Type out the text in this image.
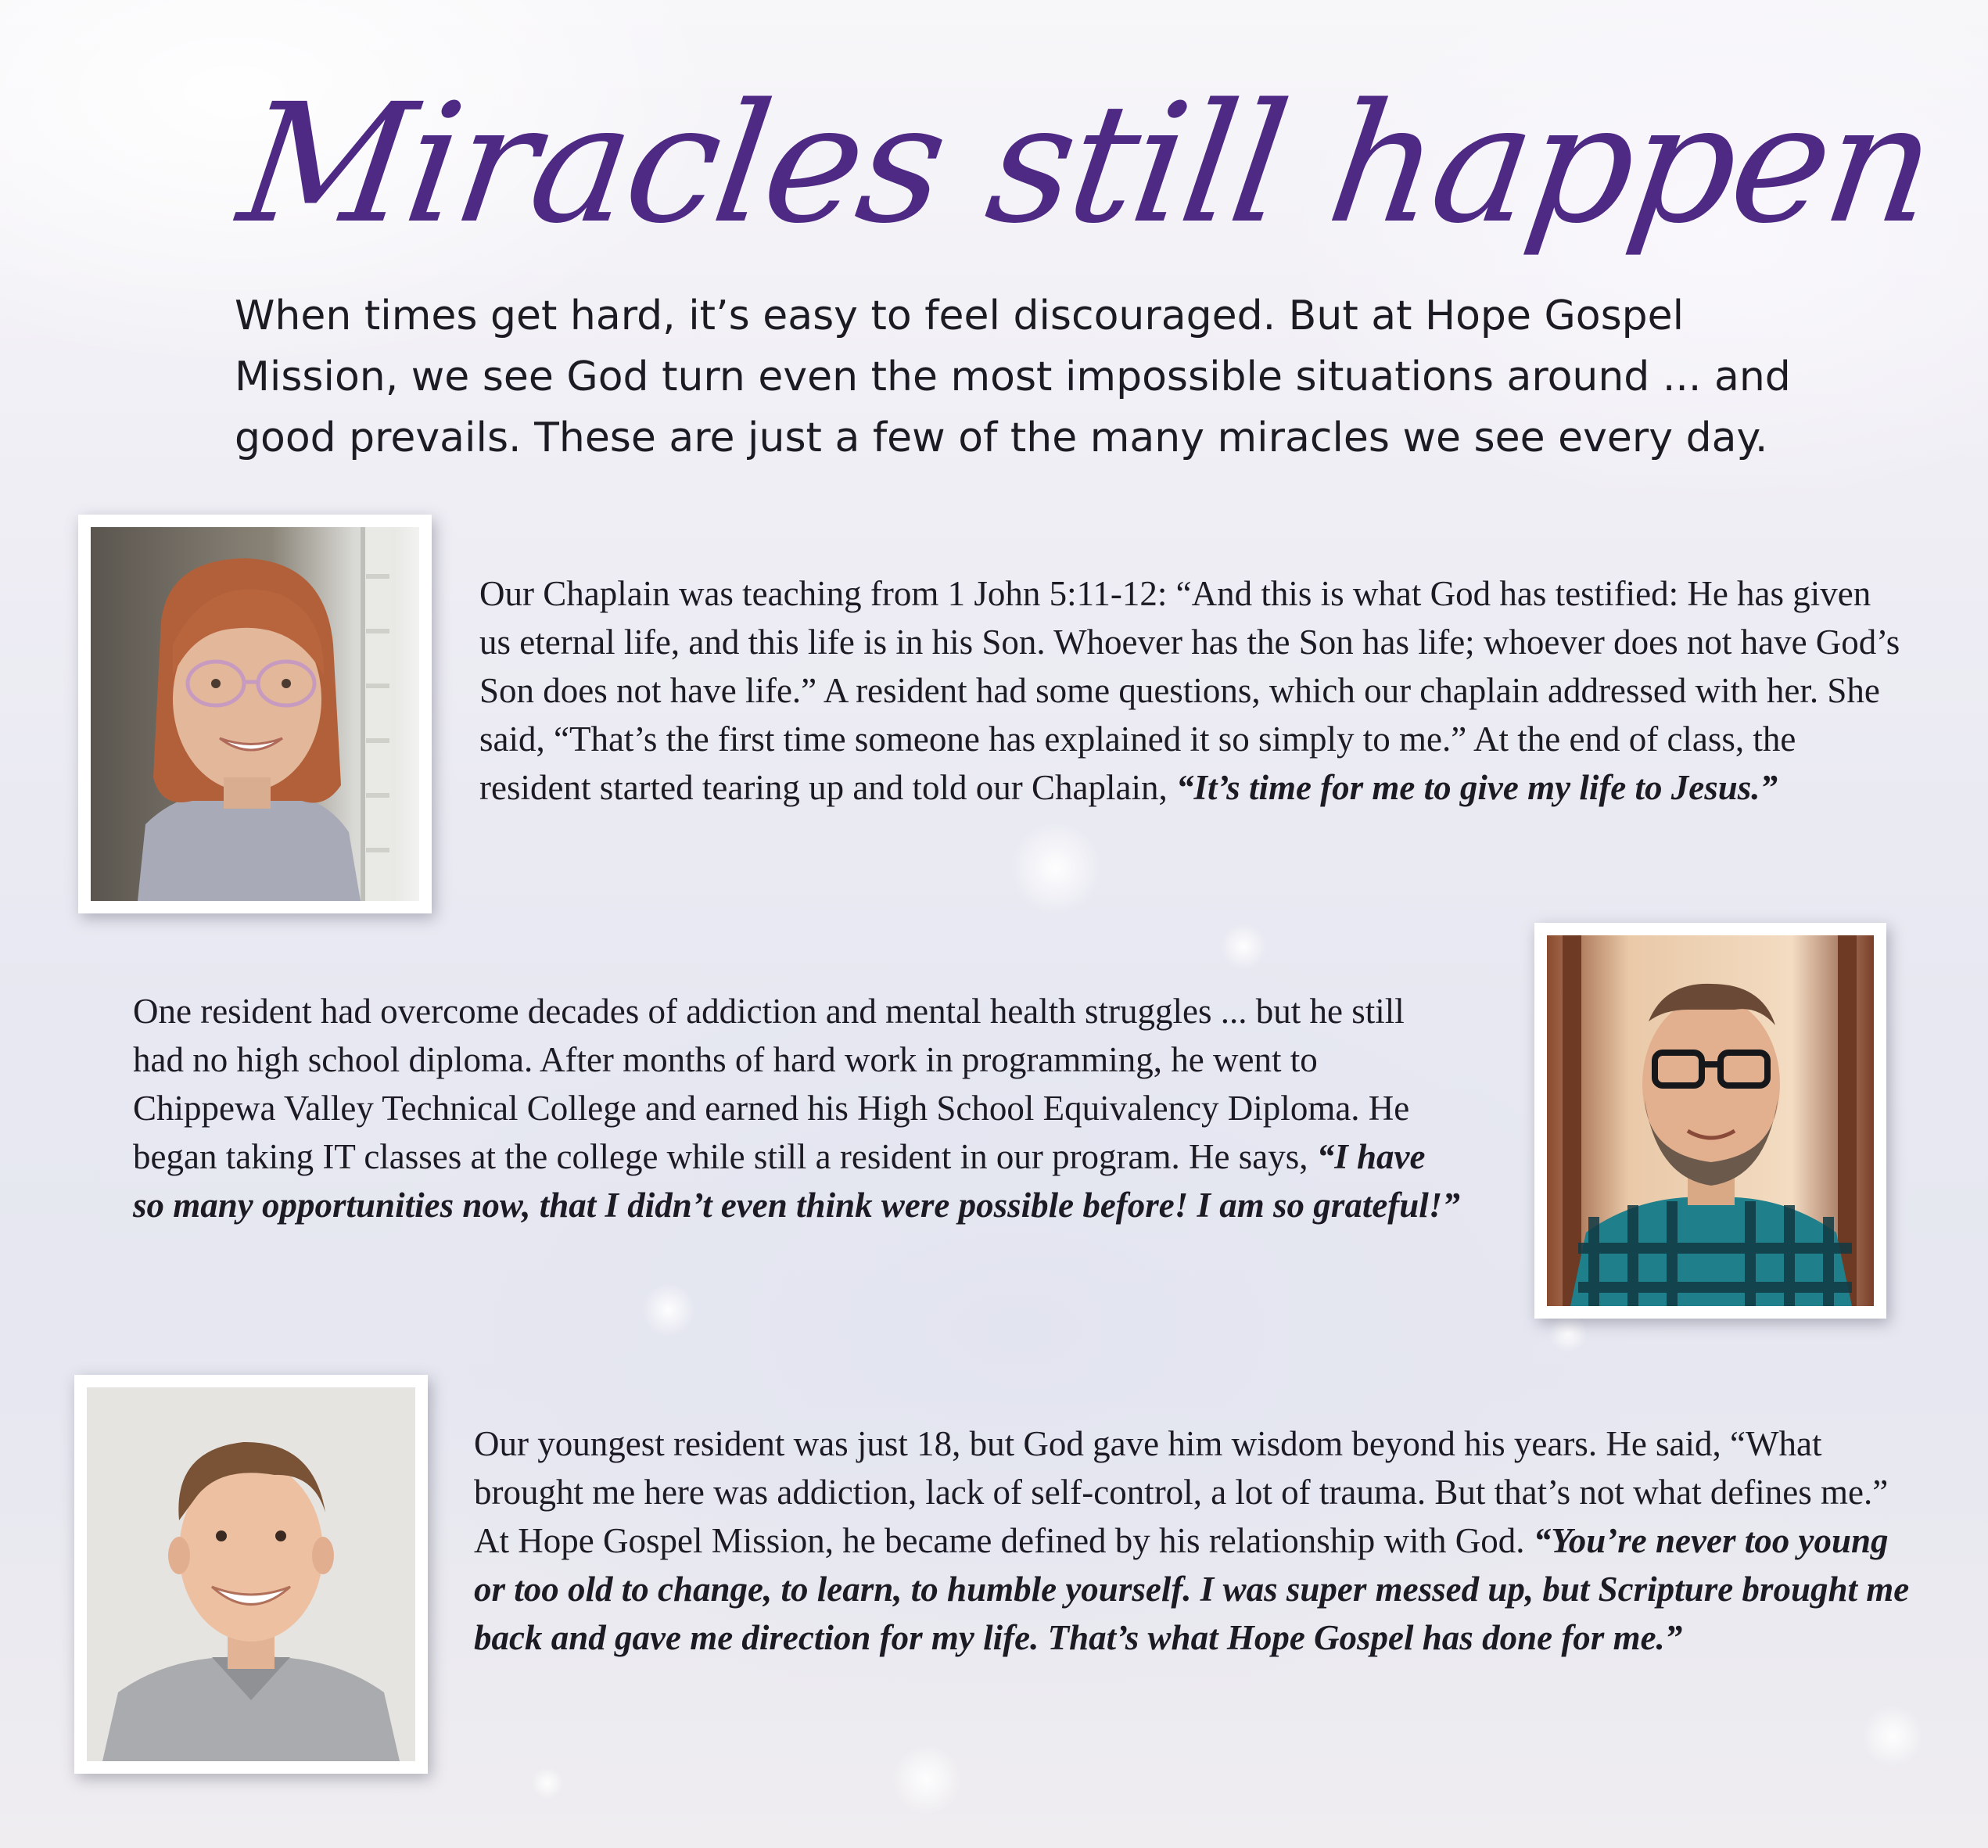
Miracles still happen

When times get hard, it’s easy to feel discouraged. But at Hope Gospel
Mission, we see God turn even the most impossible situations around ... and
good prevails. These are just a few of the many miracles we see every day.

Our Chaplain was teaching from 1 John 5:11-12: “And this is what God has testified: He has given us eternal life, and this life is in his Son. Whoever has the Son has life; whoever does not have God’s Son does not have life.” A resident had some questions, which our chaplain addressed with her. She said, “That’s the first time someone has explained it so simply to me.” At the end of class, the resident started tearing up and told our Chaplain, “It’s time for me to give my life to Jesus.”

One resident had overcome decades of addiction and mental health struggles ... but he still had no high school diploma. After months of hard work in programming, he went to Chippewa Valley Technical College and earned his High School Equivalency Diploma. He began taking IT classes at the college while still a resident in our program. He says, “I have so many opportunities now, that I didn’t even think were possible before! I am so grateful!”

Our youngest resident was just 18, but God gave him wisdom beyond his years. He said, “What brought me here was addiction, lack of self-control, a lot of trauma. But that’s not what defines me.” At Hope Gospel Mission, he became defined by his relationship with God. “You’re never too young or too old to change, to learn, to humble yourself. I was super messed up, but Scripture brought me back and gave me direction for my life. That’s what Hope Gospel has done for me.”
